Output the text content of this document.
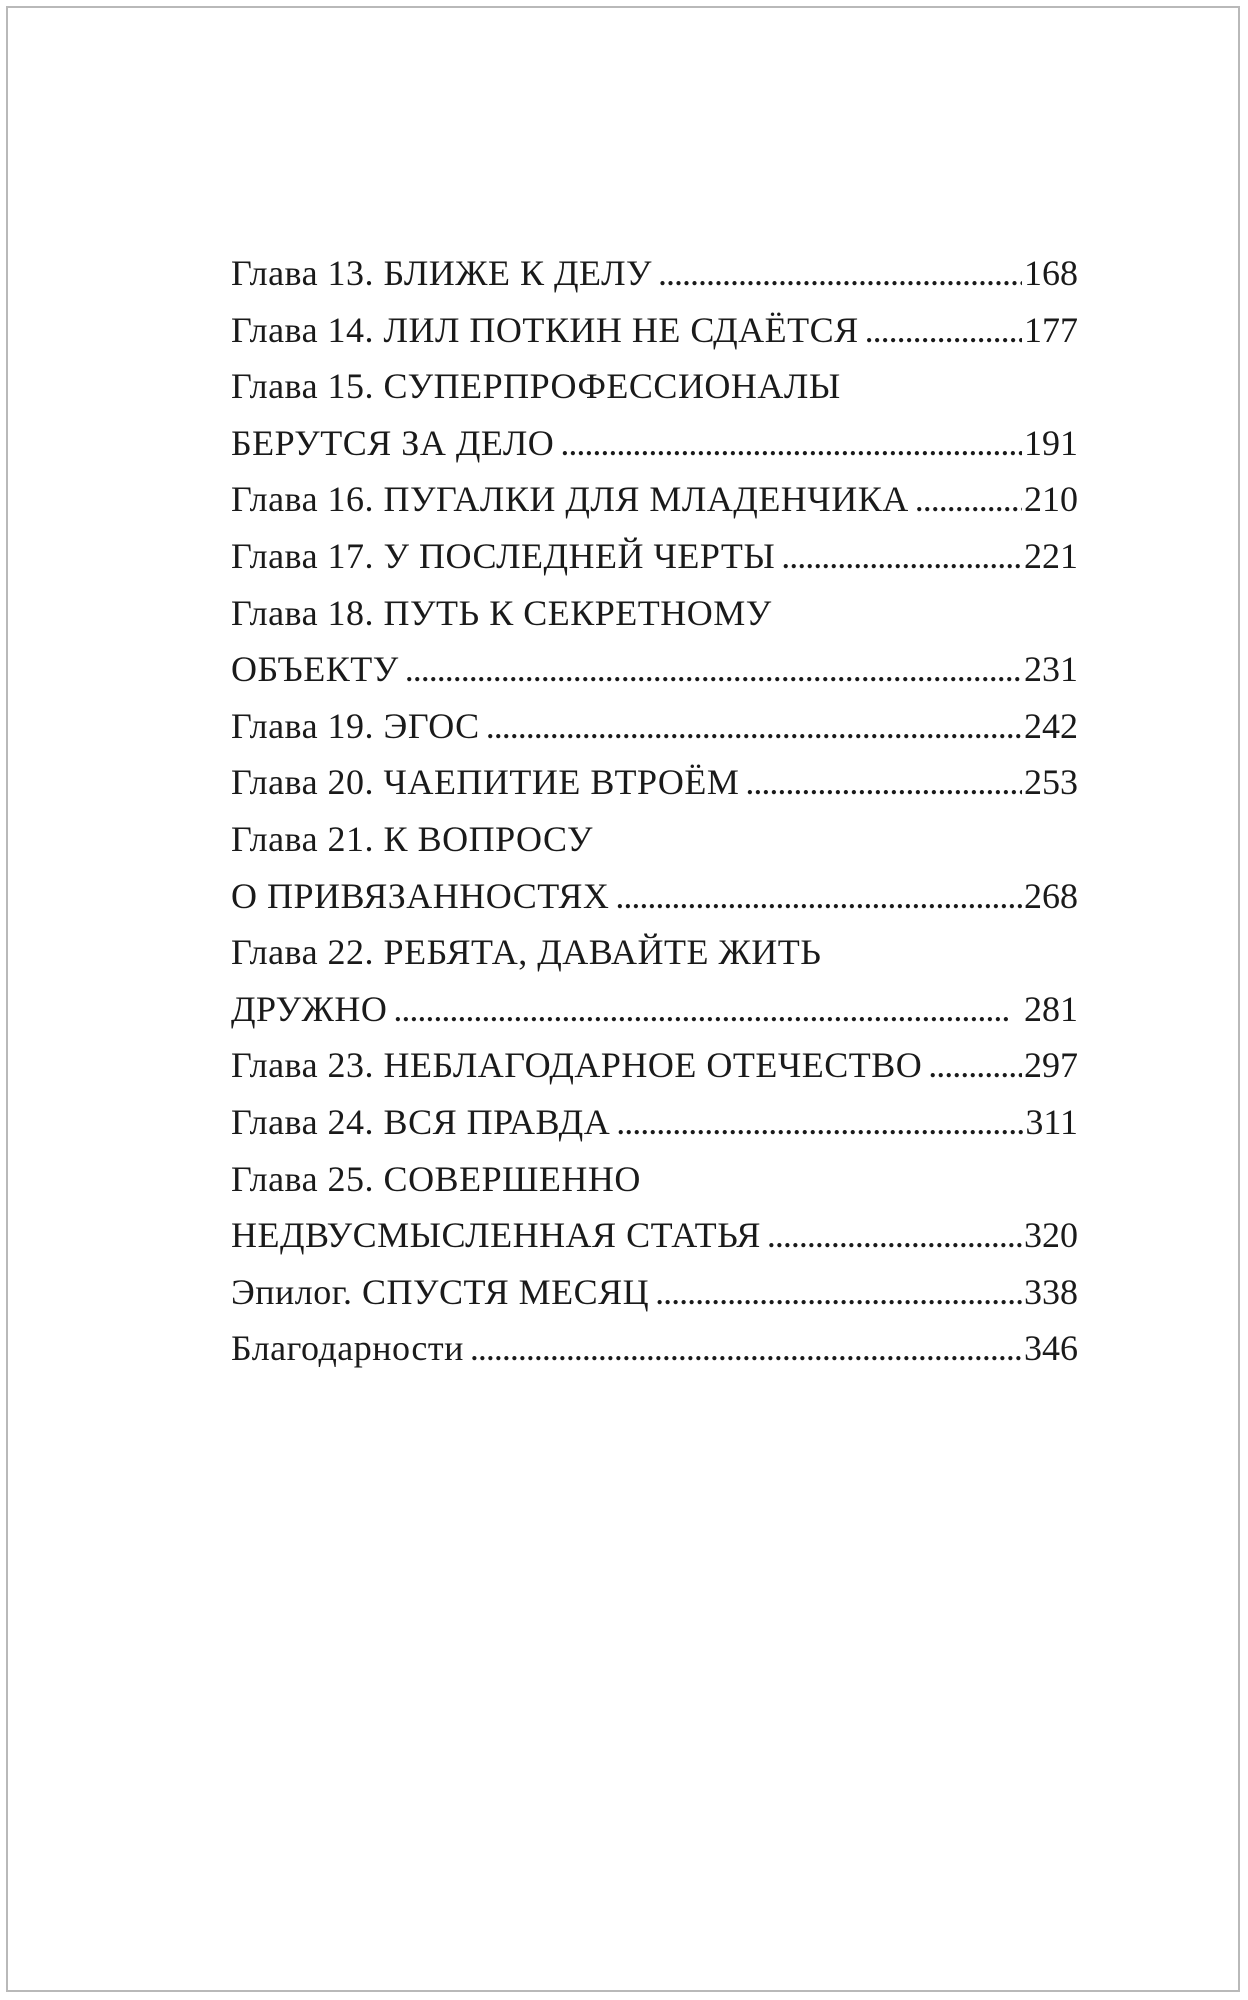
Глава 13. БЛИЖЕ К ДЕЛУ . . .	168
Глава 14. ЛИЛ ПОТКИН НЕ СДАЁТСЯ . . .	177
Глава 15. СУПЕРПРОФЕССИОНАЛЫ
БЕРУТСЯ ЗА ДЕЛО . . .	191
Глава 16. ПУГАЛКИ ДЛЯ МЛАДЕНЧИКА . . .	210
Глава 17. У ПОСЛЕДНЕЙ ЧЕРТЫ . . .	221
Глава 18. ПУТЬ К СЕКРЕТНОМУ
ОБЪЕКТУ . . .	231
Глава 19. ЭГОС . . .	242
Глава 20. ЧАЕПИТИЕ ВТРОЁМ . . .	253
Глава 21. К ВОПРОСУ
О ПРИВЯЗАННОСТЯХ . . .	268
Глава 22. РЕБЯТА, ДАВАЙТЕ ЖИТЬ
ДРУЖНО . . .	281
Глава 23. НЕБЛАГОДАРНОЕ ОТЕЧЕСТВО . . .	297
Глава 24. ВСЯ ПРАВДА . . .	311
Глава 25. СОВЕРШЕННО
НЕДВУСМЫСЛЕННАЯ СТАТЬЯ . . .	320
Эпилог. СПУСТЯ МЕСЯЦ . . .	338
Благодарности . . .	346
